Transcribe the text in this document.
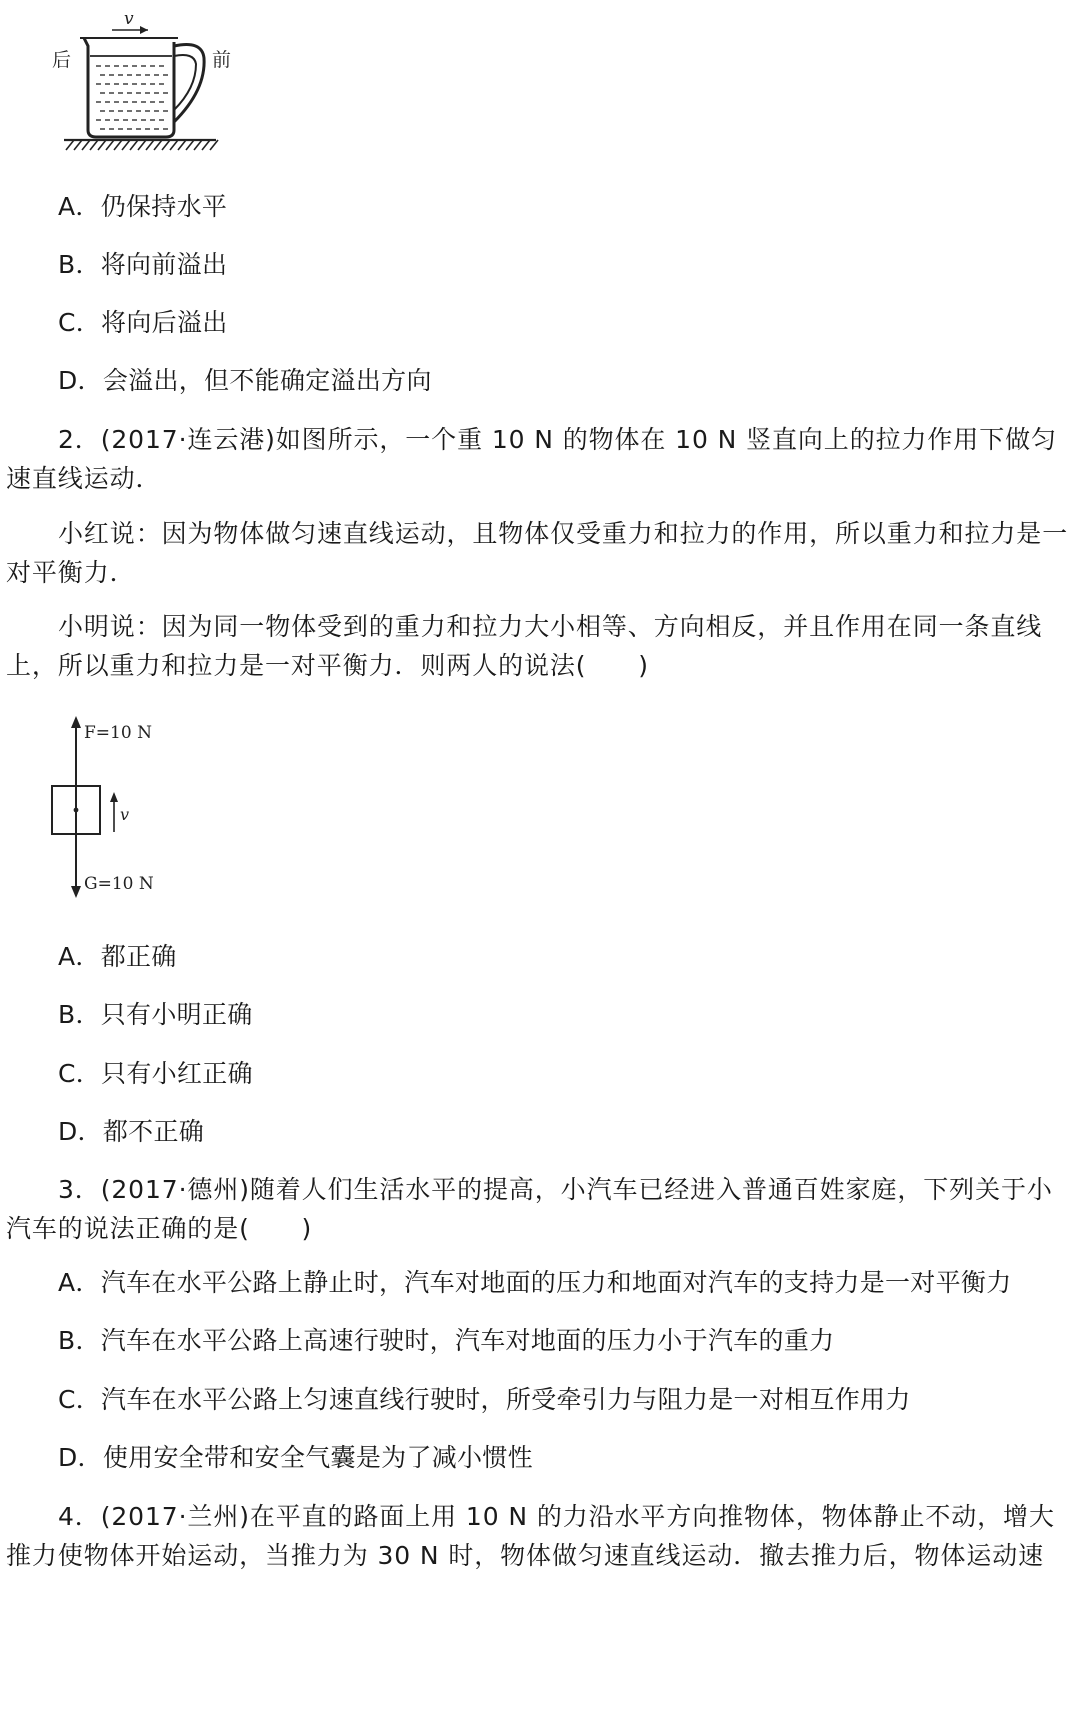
v
后	前
A．仍保持水平
B．将向前溢出
C．将向后溢出
D．会溢出，但不能确定溢出方向
2．(2017·连云港)如图所示，一个重 10 N 的物体在 10 N 竖直向上的拉力作用下做匀速直线运动．
小红说：因为物体做匀速直线运动，且物体仅受重力和拉力的作用，所以重力和拉力是一对平衡力．
小明说：因为同一物体受到的重力和拉力大小相等、方向相反，并且作用在同一条直线上，所以重力和拉力是一对平衡力．则两人的说法(　　)
F=10 N
G=10 N
v
A．都正确
B．只有小明正确
C．只有小红正确
D．都不正确
3．(2017·德州)随着人们生活水平的提高，小汽车已经进入普通百姓家庭，下列关于小汽车的说法正确的是(　　)
A．汽车在水平公路上静止时，汽车对地面的压力和地面对汽车的支持力是一对平衡力
B．汽车在水平公路上高速行驶时，汽车对地面的压力小于汽车的重力
C．汽车在水平公路上匀速直线行驶时，所受牵引力与阻力是一对相互作用力
D．使用安全带和安全气囊是为了减小惯性
4．(2017·兰州)在平直的路面上用 10 N 的力沿水平方向推物体，物体静止不动，增大推力使物体开始运动，当推力为 30 N 时，物体做匀速直线运动．撤去推力后，物体运动速
